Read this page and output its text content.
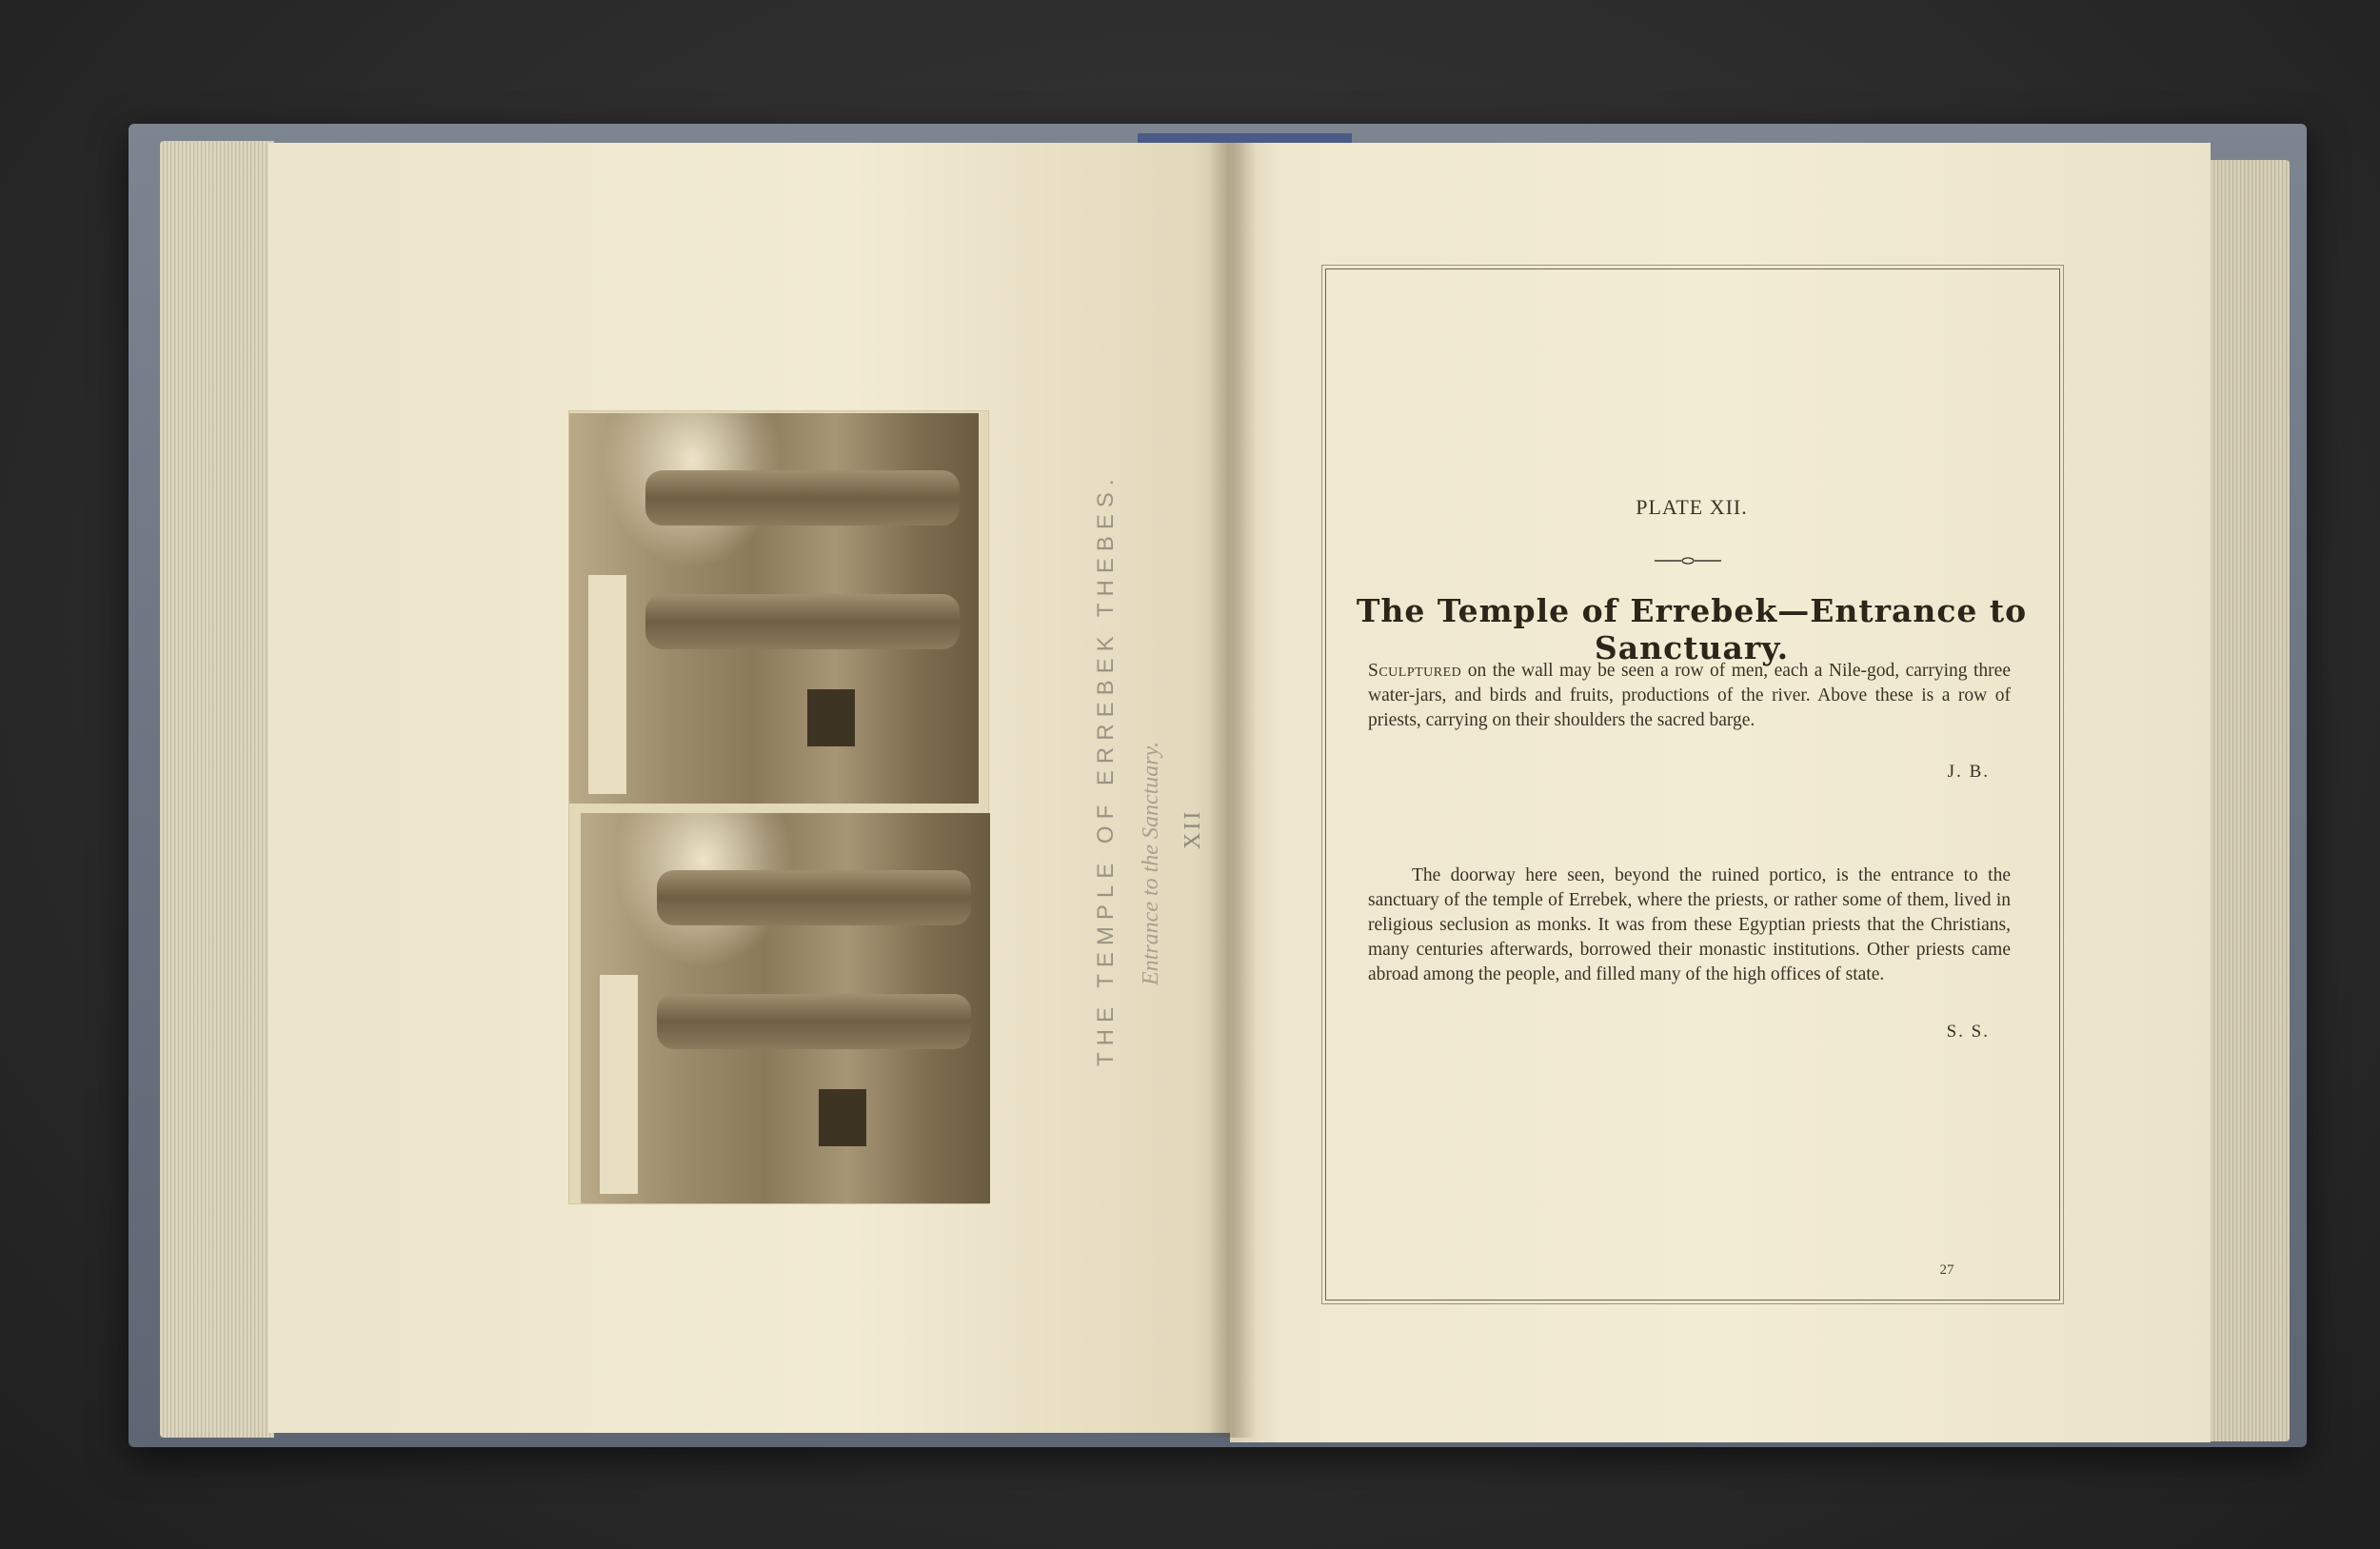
THE TEMPLE OF ERREBEK THEBES. Entrance to the Sanctuary. XII
PLATE XII.
The Temple of Errebek—Entrance to Sanctuary.
Sculptured on the wall may be seen a row of men, each a Nile-god, carrying three water-jars, and birds and fruits, productions of the river. Above these is a row of priests, carrying on their shoulders the sacred barge.
J. B.
The doorway here seen, beyond the ruined portico, is the entrance to the sanctuary of the temple of Errebek, where the priests, or rather some of them, lived in religious seclusion as monks. It was from these Egyptian priests that the Christians, many centuries afterwards, borrowed their monastic institutions. Other priests came abroad among the people, and filled many of the high offices of state.
S. S.
27
